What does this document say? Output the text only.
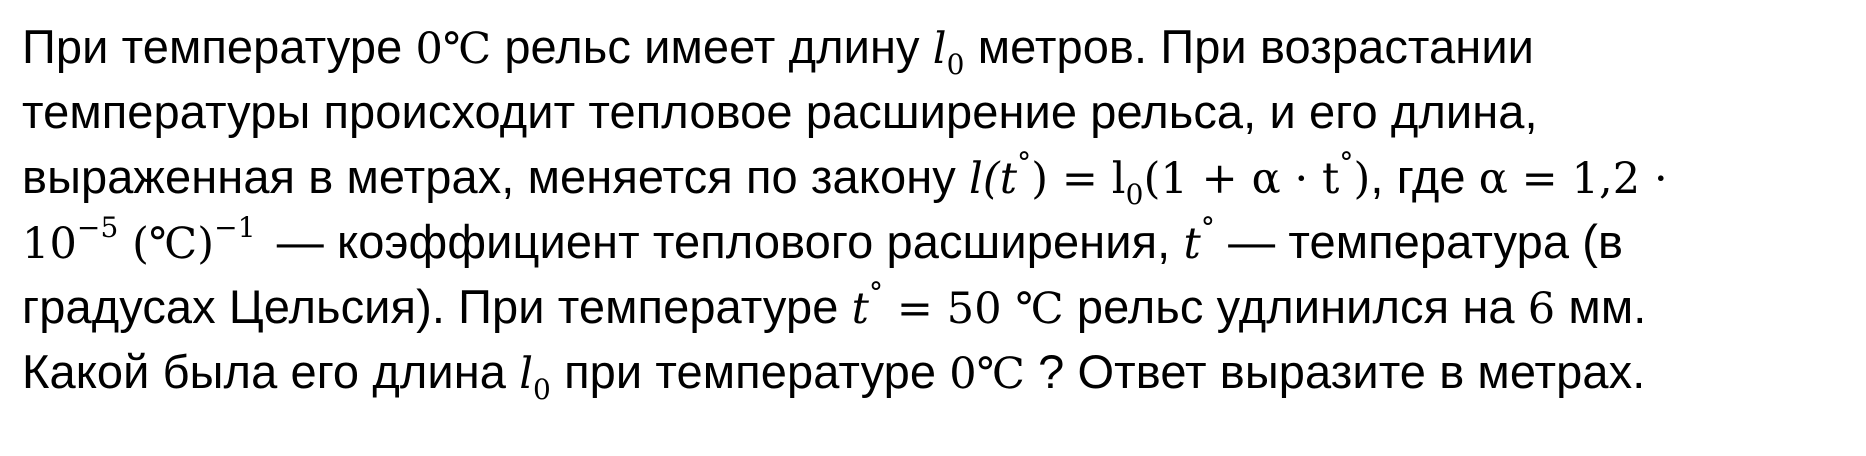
При температуре 0℃ рельс имеет длину $l_0$ метров. При возрастании
температуры происходит тепловое расширение рельса, и его длина,
выраженная в метрах, меняется по закону $l(t^\circ) = l_0(1 + \alpha \cdot t^\circ)$, где α = 1,2 ·
$10^{-5}$ (℃)$^{-1}$ — коэффициент теплового расширения, t° — температура (в
градусах Цельсия). При температуре t° = 50 ℃ рельс удлинился на 6 мм.
Какой была его длина $l_0$ при температуре 0℃ ? Ответ выразите в метрах.
